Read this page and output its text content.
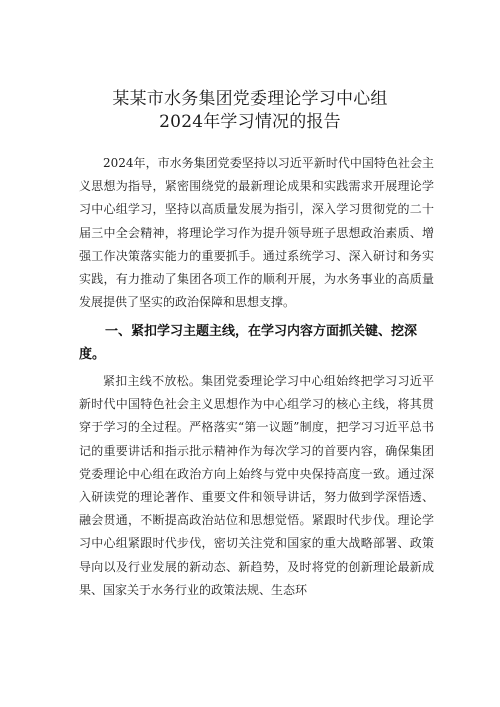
某某市水务集团党委理论学习中心组
2024年学习情况的报告

2024年，市水务集团党委坚持以习近平新时代中国特色社会主义思想为指导，紧密围绕党的最新理论成果和实践需求开展理论学习中心组学习，坚持以高质量发展为指引，深入学习贯彻党的二十届三中全会精神，将理论学习作为提升领导班子思想政治素质、增强工作决策落实能力的重要抓手。通过系统学习、深入研讨和务实实践，有力推动了集团各项工作的顺利开展，为水务事业的高质量发展提供了坚实的政治保障和思想支撑。

一、紧扣学习主题主线，在学习内容方面抓关键、挖深度。

紧扣主线不放松。集团党委理论学习中心组始终把学习习近平新时代中国特色社会主义思想作为中心组学习的核心主线，将其贯穿于学习的全过程。严格落实“第一议题”制度，把学习习近平总书记的重要讲话和指示批示精神作为每次学习的首要内容，确保集团党委理论中心组在政治方向上始终与党中央保持高度一致。通过深入研读党的理论著作、重要文件和领导讲话，努力做到学深悟透、融会贯通，不断提高政治站位和思想觉悟。紧跟时代步伐。理论学习中心组紧跟时代步伐，密切关注党和国家的重大战略部署、政策导向以及行业发展的新动态、新趋势，及时将党的创新理论最新成果、国家关于水务行业的政策法规、生态环
